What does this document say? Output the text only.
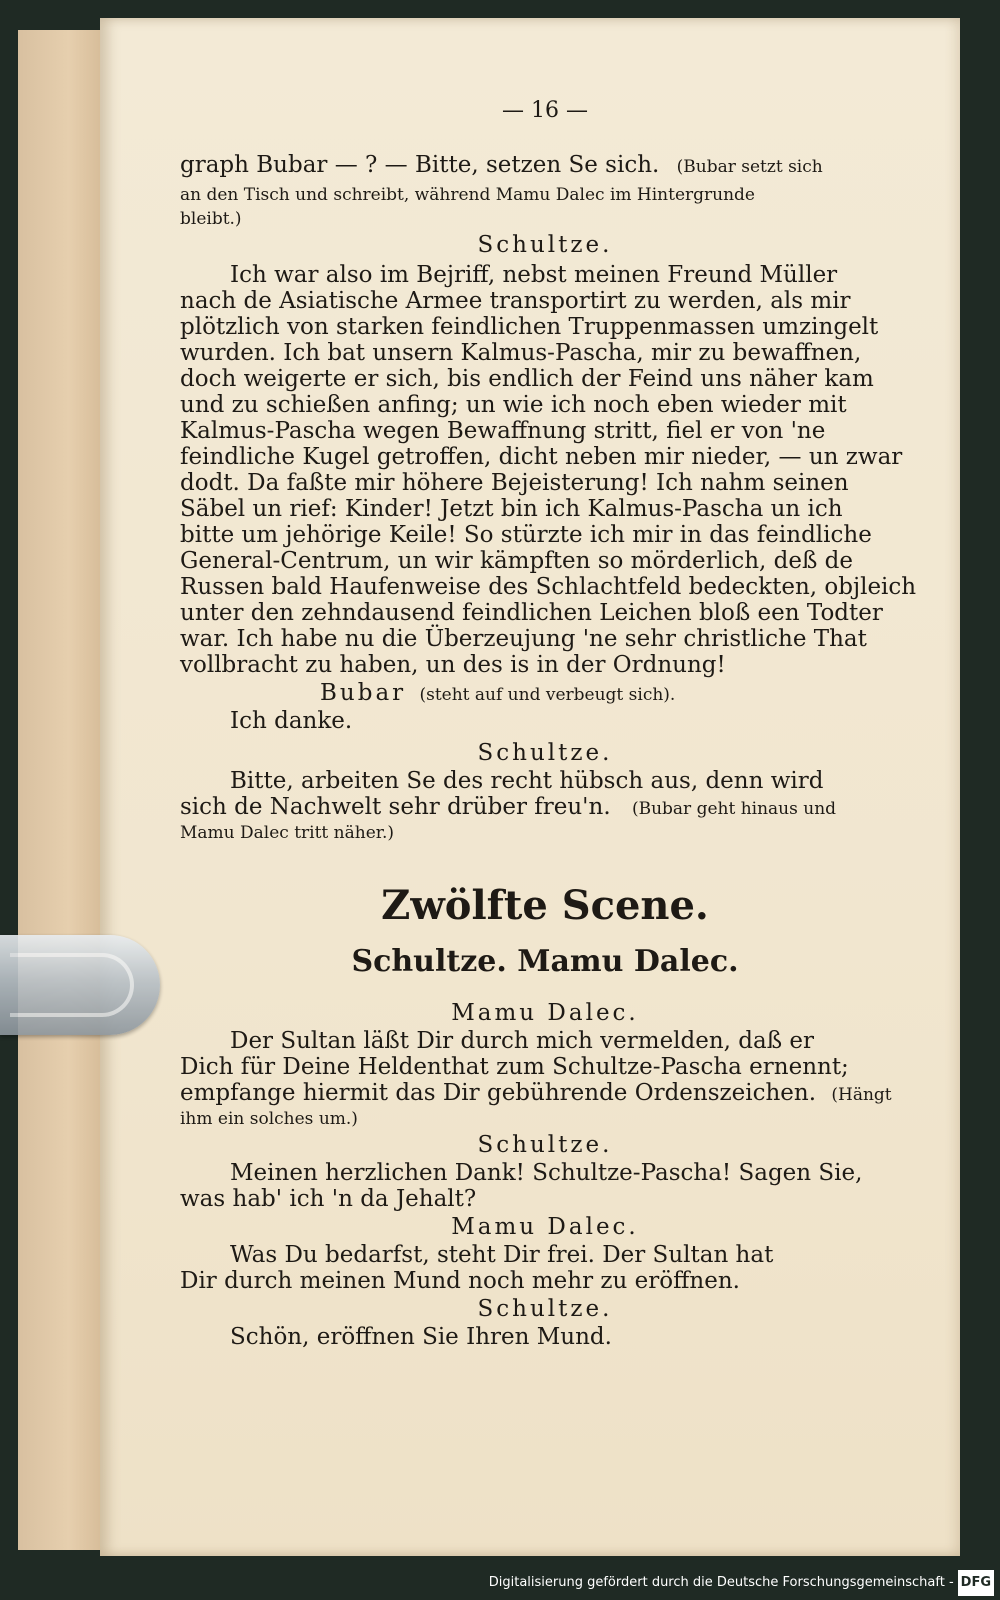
— 16 —
graph Bubar — ? — Bitte, setzen Se sich. (Bubar setzt sich
an den Tisch und schreibt, während Mamu Dalec im Hintergrunde
bleibt.)
Schultze.
Ich war also im Bejriff, nebst meinen Freund Müller
nach de Asiatische Armee transportirt zu werden, als mir
plötzlich von starken feindlichen Truppenmassen umzingelt
wurden. Ich bat unsern Kalmus-Pascha, mir zu bewaffnen,
doch weigerte er sich, bis endlich der Feind uns näher kam
und zu schießen anfing; un wie ich noch eben wieder mit
Kalmus-Pascha wegen Bewaffnung stritt, fiel er von 'ne
feindliche Kugel getroffen, dicht neben mir nieder, — un zwar
dodt. Da faßte mir höhere Bejeisterung! Ich nahm seinen
Säbel un rief: Kinder! Jetzt bin ich Kalmus-Pascha un ich
bitte um jehörige Keile! So stürzte ich mir in das feindliche
General-Centrum, un wir kämpften so mörderlich, deß de
Russen bald Haufenweise des Schlachtfeld bedeckten, objleich
unter den zehndausend feindlichen Leichen bloß een Todter
war. Ich habe nu die Überzeujung 'ne sehr christliche That
vollbracht zu haben, un des is in der Ordnung!
Bubar (steht auf und verbeugt sich).
Ich danke.
Schultze.
Bitte, arbeiten Se des recht hübsch aus, denn wird
sich de Nachwelt sehr drüber freu'n. (Bubar geht hinaus und
Mamu Dalec tritt näher.)
Zwölfte Scene.
Schultze. Mamu Dalec.
Mamu Dalec.
Der Sultan läßt Dir durch mich vermelden, daß er
Dich für Deine Heldenthat zum Schultze-Pascha ernennt;
empfange hiermit das Dir gebührende Ordenszeichen. (Hängt
ihm ein solches um.)
Schultze.
Meinen herzlichen Dank! Schultze-Pascha! Sagen Sie,
was hab' ich 'n da Jehalt?
Mamu Dalec.
Was Du bedarfst, steht Dir frei. Der Sultan hat
Dir durch meinen Mund noch mehr zu eröffnen.
Schultze.
Schön, eröffnen Sie Ihren Mund.
Digitalisierung gefördert durch die Deutsche Forschungsgemeinschaft - DFG
